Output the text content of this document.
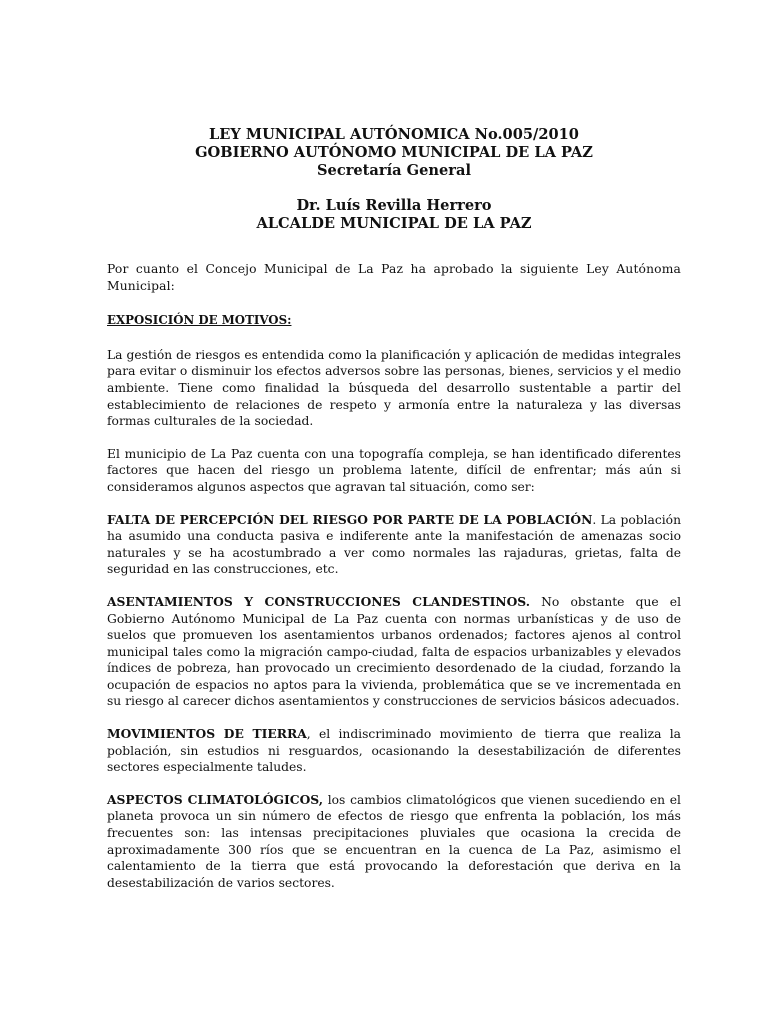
LEY MUNICIPAL AUTÓNOMICA No.005/2010
GOBIERNO AUTÓNOMO MUNICIPAL DE LA PAZ
Secretaría General
Dr. Luís Revilla Herrero
ALCALDE MUNICIPAL DE LA PAZ

Por cuanto el Concejo Municipal de La Paz ha aprobado la siguiente Ley Autónoma Municipal:

EXPOSICIÓN DE MOTIVOS:

La gestión de riesgos es entendida como la planificación y aplicación de medidas integrales para evitar o disminuir los efectos adversos sobre las personas, bienes, servicios y el medio ambiente. Tiene como finalidad la búsqueda del desarrollo sustentable a partir del establecimiento de relaciones de respeto y armonía entre la naturaleza y las diversas formas culturales de la sociedad.

El municipio de La Paz cuenta con una topografía compleja, se han identificado diferentes factores que hacen del riesgo un problema latente, difícil de enfrentar; más aún si consideramos algunos aspectos que agravan tal situación, como ser:

FALTA DE PERCEPCIÓN DEL RIESGO POR PARTE DE LA POBLACIÓN. La población ha asumido una conducta pasiva e indiferente ante la manifestación de amenazas socio naturales y se ha acostumbrado a ver como normales las rajaduras, grietas, falta de seguridad en las construcciones, etc.

ASENTAMIENTOS Y CONSTRUCCIONES CLANDESTINOS. No obstante que el Gobierno Autónomo Municipal de La Paz cuenta con normas urbanísticas y de uso de suelos que promueven los asentamientos urbanos ordenados; factores ajenos al control municipal tales como la migración campo-ciudad, falta de espacios urbanizables y elevados índices de pobreza, han provocado un crecimiento desordenado de la ciudad, forzando la ocupación de espacios no aptos para la vivienda, problemática que se ve incrementada en su riesgo al carecer dichos asentamientos y construcciones de servicios básicos adecuados.

MOVIMIENTOS DE TIERRA, el indiscriminado movimiento de tierra que realiza la población, sin estudios ni resguardos, ocasionando la desestabilización de diferentes sectores especialmente taludes.

ASPECTOS CLIMATOLÓGICOS, los cambios climatológicos que vienen sucediendo en el planeta provoca un sin número de efectos de riesgo que enfrenta la población, los más frecuentes son: las intensas precipitaciones pluviales que ocasiona la crecida de aproximadamente 300 ríos que se encuentran en la cuenca de La Paz, asimismo el calentamiento de la tierra que está provocando la deforestación que deriva en la desestabilización de varios sectores.
